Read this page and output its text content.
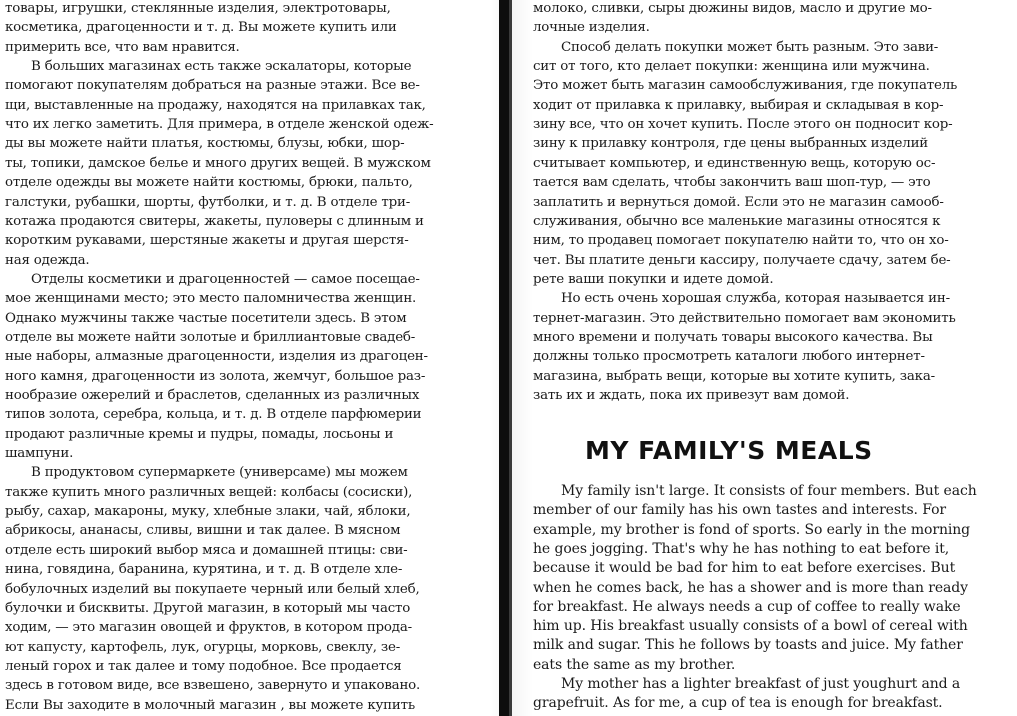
товары, игрушки, стеклянные изделия, электротовары,
косметика, драгоценности и т. д. Вы можете купить или
примерить все, что вам нравится.
В больших магазинах есть также эскалаторы, которые
помогают покупателям добраться на разные этажи. Все ве-
щи, выставленные на продажу, находятся на прилавках так,
что их легко заметить. Для примера, в отделе женской одеж-
ды вы можете найти платья, костюмы, блузы, юбки, шор-
ты, топики, дамское белье и много других вещей. В мужском
отделе одежды вы можете найти костюмы, брюки, пальто,
галстуки, рубашки, шорты, футболки, и т. д. В отделе три-
котажа продаются свитеры, жакеты, пуловеры с длинным и
коротким рукавами, шерстяные жакеты и другая шерстя-
ная одежда.
Отделы косметики и драгоценностей — самое посещае-
мое женщинами место; это место паломничества женщин.
Однако мужчины также частые посетители здесь. В этом
отделе вы можете найти золотые и бриллиантовые свадеб-
ные наборы, алмазные драгоценности, изделия из драгоцен-
ного камня, драгоценности из золота, жемчуг, большое раз-
нообразие ожерелий и браслетов, сделанных из различных
типов золота, серебра, кольца, и т. д. В отделе парфюмерии
продают различные кремы и пудры, помады, лосьоны и
шампуни.
В продуктовом супермаркете (универсаме) мы можем
также купить много различных вещей: колбасы (сосиски),
рыбу, сахар, макароны, муку, хлебные злаки, чай, яблоки,
абрикосы, ананасы, сливы, вишни и так далее. В мясном
отделе есть широкий выбор мяса и домашней птицы: сви-
нина, говядина, баранина, курятина, и т. д. В отделе хле-
бобулочных изделий вы покупаете черный или белый хлеб,
булочки и бисквиты. Другой магазин, в который мы часто
ходим, — это магазин овощей и фруктов, в котором прода-
ют капусту, картофель, лук, огурцы, морковь, свеклу, зе-
леный горох и так далее и тому подобное. Все продается
здесь в готовом виде, все взвешено, завернуто и упаковано.
Если Вы заходите в молочный магазин , вы можете купить
молоко, сливки, сыры дюжины видов, масло и другие мо-
лочные изделия.
Способ делать покупки может быть разным. Это зави-
сит от того, кто делает покупки: женщина или мужчина.
Это может быть магазин самообслуживания, где покупатель
ходит от прилавка к прилавку, выбирая и складывая в кор-
зину все, что он хочет купить. После этого он подносит кор-
зину к прилавку контроля, где цены выбранных изделий
считывает компьютер, и единственную вещь, которую ос-
тается вам сделать, чтобы закончить ваш шоп-тур, — это
заплатить и вернуться домой. Если это не магазин самооб-
служивания, обычно все маленькие магазины относятся к
ним, то продавец помогает покупателю найти то, что он хо-
чет. Вы платите деньги кассиру, получаете сдачу, затем бе-
рете ваши покупки и идете домой.
Но есть очень хорошая служба, которая называется ин-
тернет-магазин. Это действительно помогает вам экономить
много времени и получать товары высокого качества. Вы
должны только просмотреть каталоги любого интернет-
магазина, выбрать вещи, которые вы хотите купить, зака-
зать их и ждать, пока их привезут вам домой.
MY FAMILY'S MEALS
My family isn't large. It consists of four members. But each
member of our family has his own tastes and interests. For
example, my brother is fond of sports. So early in the morning
he goes jogging. That's why he has nothing to eat before it,
because it would be bad for him to eat before exercises. But
when he comes back, he has a shower and is more than ready
for breakfast. He always needs a cup of coffee to really wake
him up. His breakfast usually consists of a bowl of cereal with
milk and sugar. This he follows by toasts and juice. My father
eats the same as my brother.
My mother has a lighter breakfast of just youghurt and a
grapefruit. As for me, a cup of tea is enough for breakfast.
